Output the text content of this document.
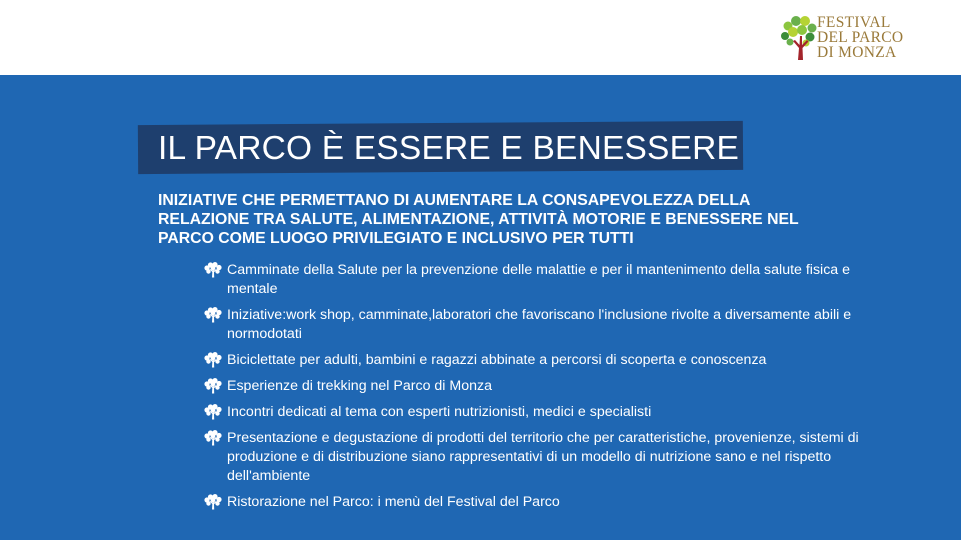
FESTIVAL
DEL PARCO
DI MONZA
IL PARCO È ESSERE E BENESSERE
INIZIATIVE CHE PERMETTANO DI AUMENTARE LA CONSAPEVOLEZZA DELLA
RELAZIONE TRA SALUTE, ALIMENTAZIONE, ATTIVITÀ MOTORIE E BENESSERE NEL
PARCO COME LUOGO PRIVILEGIATO E INCLUSIVO PER TUTTI
Camminate della Salute per la prevenzione delle malattie e per il mantenimento della salute fisica e mentale
Iniziative:work shop, camminate,laboratori che favoriscano l'inclusione rivolte a diversamente abili e normodotati
Biciclettate per adulti, bambini e ragazzi abbinate a percorsi di scoperta e conoscenza
Esperienze di trekking nel Parco di Monza
Incontri dedicati al tema con esperti nutrizionisti, medici e specialisti
Presentazione e degustazione di prodotti del territorio che per caratteristiche, provenienze, sistemi di produzione e di distribuzione siano rappresentativi di un modello di nutrizione sano e nel rispetto dell'ambiente
Ristorazione nel Parco: i menù del Festival del Parco
